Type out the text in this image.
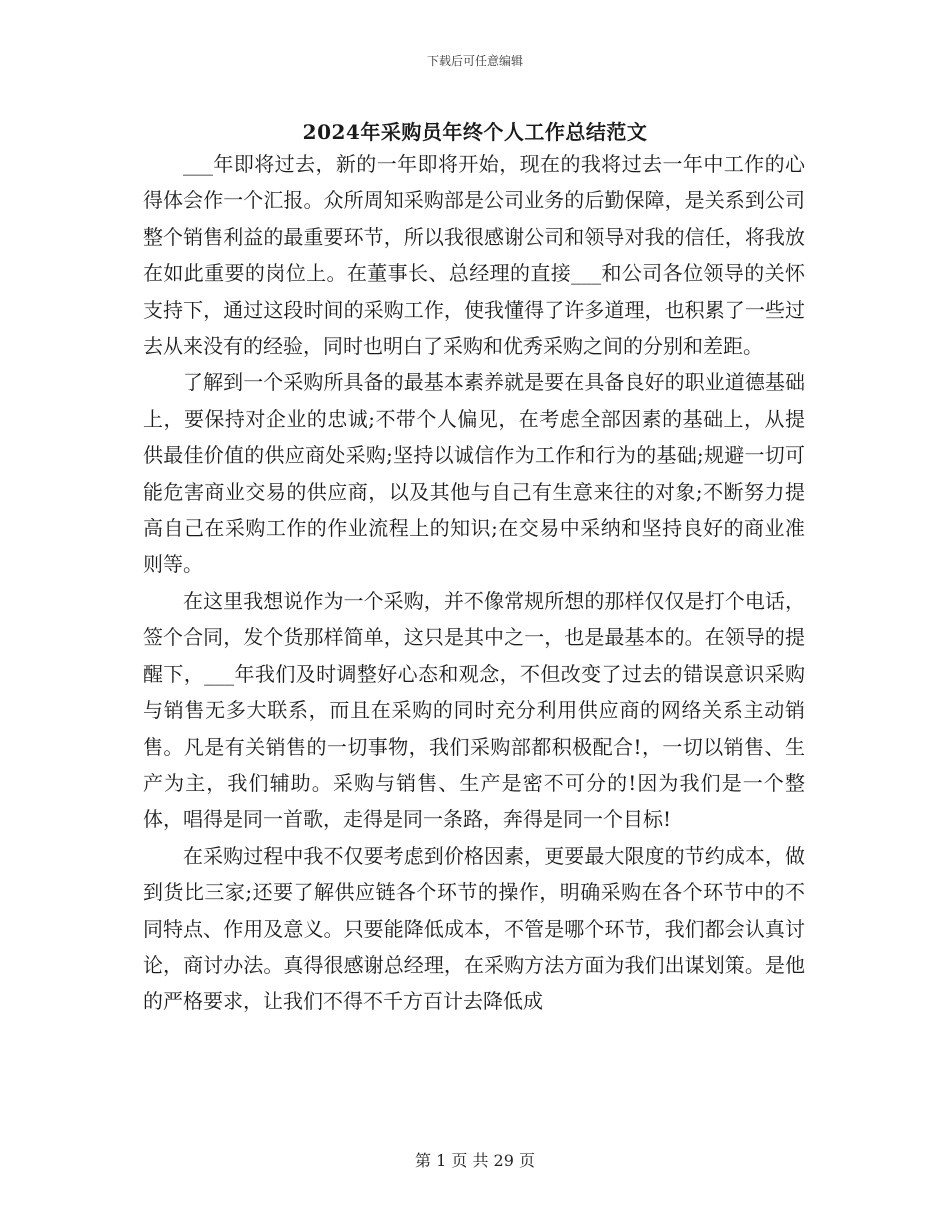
下载后可任意编辑
2024年采购员年终个人工作总结范文

___年即将过去，新的一年即将开始，现在的我将过去一年中工作的心得体会作一个汇报。众所周知采购部是公司业务的后勤保障，是关系到公司整个销售利益的最重要环节，所以我很感谢公司和领导对我的信任，将我放在如此重要的岗位上。在董事长、总经理的直接___和公司各位领导的关怀支持下，通过这段时间的采购工作，使我懂得了许多道理，也积累了一些过去从来没有的经验，同时也明白了采购和优秀采购之间的分别和差距。

了解到一个采购所具备的最基本素养就是要在具备良好的职业道德基础上，要保持对企业的忠诚;不带个人偏见，在考虑全部因素的基础上，从提供最佳价值的供应商处采购;坚持以诚信作为工作和行为的基础;规避一切可能危害商业交易的供应商，以及其他与自己有生意来往的对象;不断努力提高自己在采购工作的作业流程上的知识;在交易中采纳和坚持良好的商业准则等。

在这里我想说作为一个采购，并不像常规所想的那样仅仅是打个电话，签个合同，发个货那样简单，这只是其中之一，也是最基本的。在领导的提醒下，___年我们及时调整好心态和观念，不但改变了过去的错误意识采购与销售无多大联系，而且在采购的同时充分利用供应商的网络关系主动销售。凡是有关销售的一切事物，我们采购部都积极配合!，一切以销售、生产为主，我们辅助。采购与销售、生产是密不可分的!因为我们是一个整体，唱得是同一首歌，走得是同一条路，奔得是同一个目标!

在采购过程中我不仅要考虑到价格因素，更要最大限度的节约成本，做到货比三家;还要了解供应链各个环节的操作，明确采购在各个环节中的不同特点、作用及意义。只要能降低成本，不管是哪个环节，我们都会认真讨论，商讨办法。真得很感谢总经理，在采购方法方面为我们出谋划策。是他的严格要求，让我们不得不千方百计去降低成

第 1 页 共 29 页
